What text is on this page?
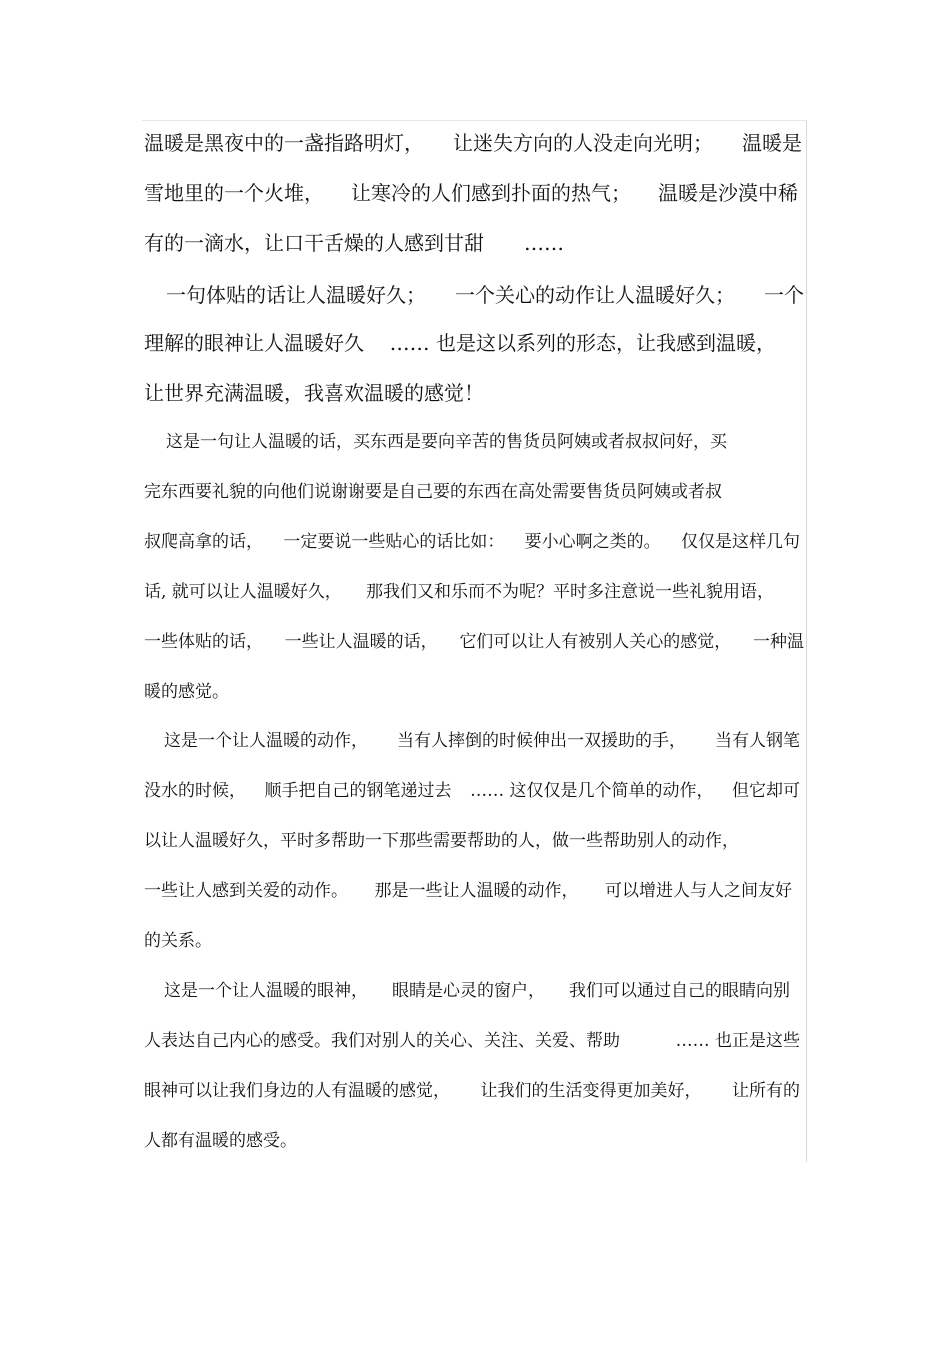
温暖是黑夜中的一盏指路明灯， 让迷失方向的人没走向光明； 温暖是
雪地里的一个火堆， 让寒冷的人们感到扑面的热气； 温暖是沙漠中稀
有的一滴水，让口干舌燥的人感到甘甜 ……
一句体贴的话让人温暖好久； 一个关心的动作让人温暖好久； 一个
理解的眼神让人温暖好久 …… 也是这以系列的形态，让我感到温暖，
让世界充满温暖，我喜欢温暖的感觉！
这是一句让人温暖的话，买东西是要向辛苦的售货员阿姨或者叔叔问好，买
完东西要礼貌的向他们说谢谢要是自己要的东西在高处需要售货员阿姨或者叔
叔爬高拿的话， 一定要说一些贴心的话比如： 要小心啊之类的。 仅仅是这样几句
话, 就可以让人温暖好久， 那我们又和乐而不为呢？平时多注意说一些礼貌用语，
一些体贴的话， 一些让人温暖的话， 它们可以让人有被别人关心的感觉， 一种温
暖的感觉。
这是一个让人温暖的动作， 当有人摔倒的时候伸出一双援助的手， 当有人钢笔
没水的时候， 顺手把自己的钢笔递过去 …… 这仅仅是几个简单的动作， 但它却可
以让人温暖好久，平时多帮助一下那些需要帮助的人，做一些帮助别人的动作，
一些让人感到关爱的动作。 那是一些让人温暖的动作， 可以增进人与人之间友好
的关系。
这是一个让人温暖的眼神， 眼睛是心灵的窗户， 我们可以通过自己的眼睛向别
人表达自己内心的感受。我们对别人的关心、关注、关爱、帮助	…… 也正是这些
眼神可以让我们身边的人有温暖的感觉， 让我们的生活变得更加美好， 让所有的
人都有温暖的感受。
